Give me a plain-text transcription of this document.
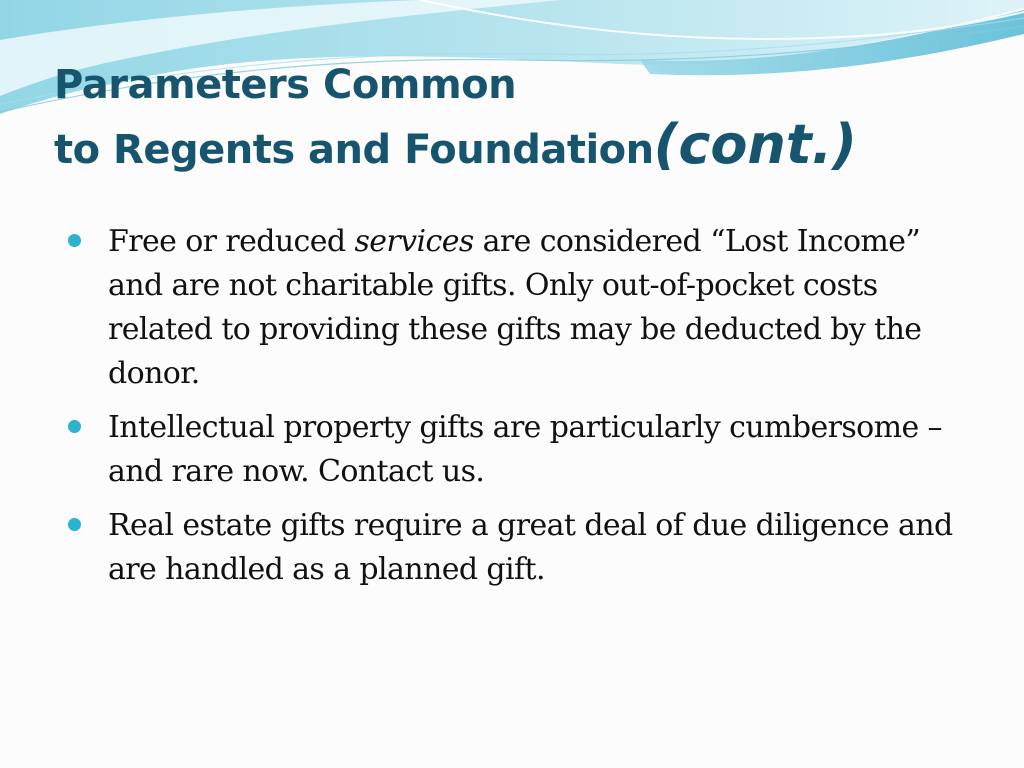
Parameters Common
to Regents and Foundation(cont.)
Free or reduced services are considered “Lost Income” and are not charitable gifts. Only out-of-pocket costs related to providing these gifts may be deducted by the donor.
Intellectual property gifts are particularly cumbersome – and rare now. Contact us.
Real estate gifts require a great deal of due diligence and are handled as a planned gift.
